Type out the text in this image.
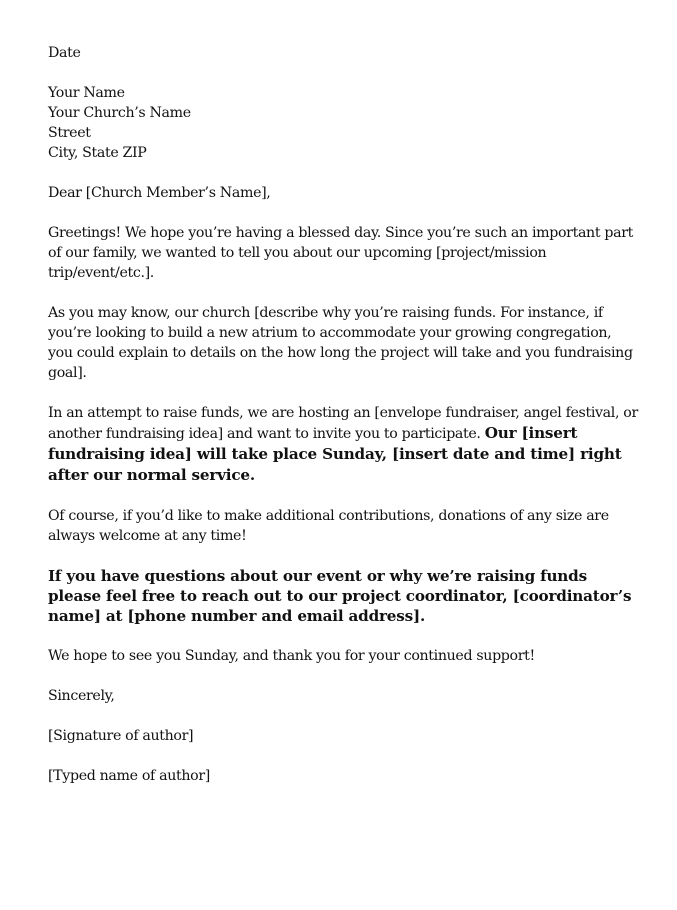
Date

Your Name
Your Church’s Name
Street
City, State ZIP

Dear [Church Member’s Name],

Greetings! We hope you’re having a blessed day. Since you’re such an important part of our family, we wanted to tell you about our upcoming [project/mission trip/event/etc.].

As you may know, our church [describe why you’re raising funds. For instance, if you’re looking to build a new atrium to accommodate your growing congregation, you could explain to details on the how long the project will take and you fundraising goal].

In an attempt to raise funds, we are hosting an [envelope fundraiser, angel festival, or another fundraising idea] and want to invite you to participate. Our [insert fundraising idea] will take place Sunday, [insert date and time] right after our normal service.

Of course, if you’d like to make additional contributions, donations of any size are always welcome at any time!

If you have questions about our event or why we’re raising funds please feel free to reach out to our project coordinator, [coordinator’s name] at [phone number and email address].

We hope to see you Sunday, and thank you for your continued support!

Sincerely,

[Signature of author]

[Typed name of author]
